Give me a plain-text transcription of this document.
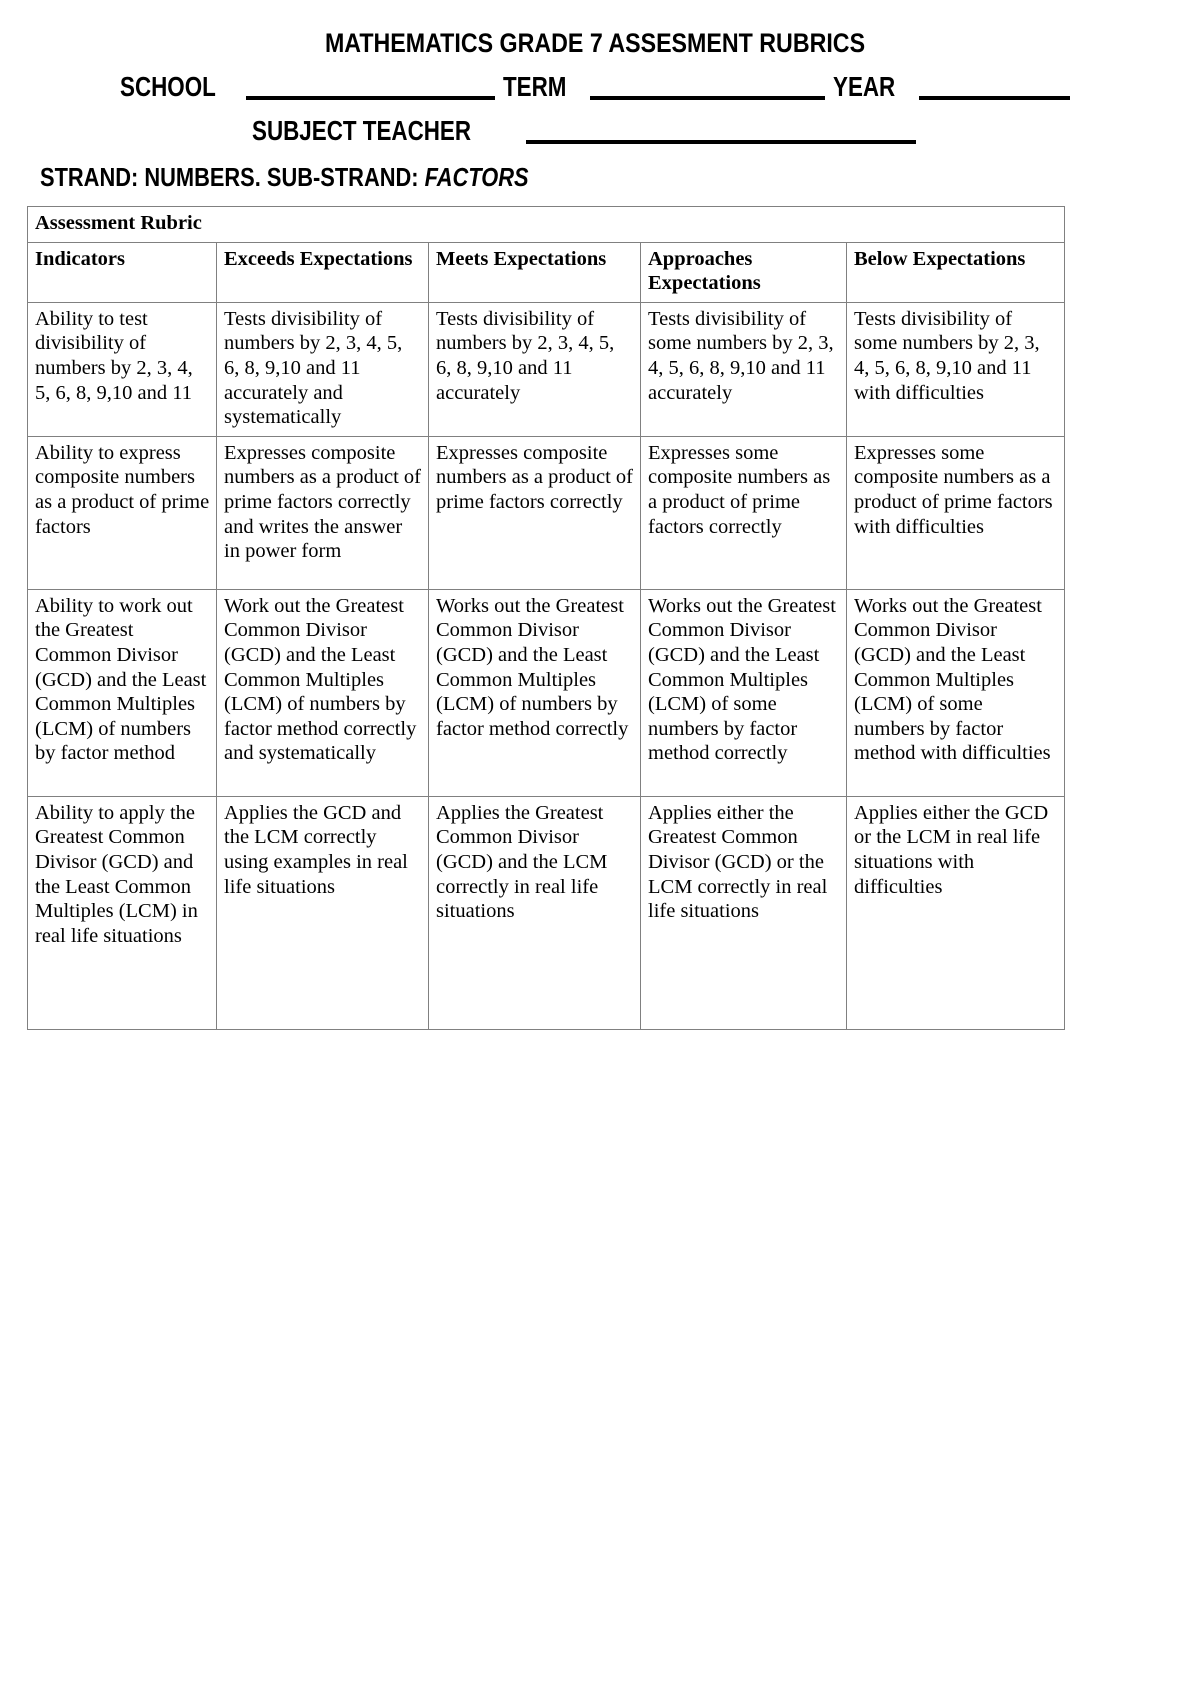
MATHEMATICS GRADE 7 ASSESMENT RUBRICS
SCHOOL	TERM	YEAR
SUBJECT TEACHER
STRAND: NUMBERS. SUB-STRAND: FACTORS
Assessment Rubric				
Indicators	Exceeds Expectations	Meets Expectations	Approaches Expectations	Below Expectations
Ability to test divisibility of numbers by 2, 3, 4, 5, 6, 8, 9,10 and 11	Tests divisibility of numbers by 2, 3, 4, 5, 6, 8, 9,10 and 11 accurately and systematically	Tests divisibility of numbers by 2, 3, 4, 5, 6, 8, 9,10 and 11 accurately	Tests divisibility of some numbers by 2, 3, 4, 5, 6, 8, 9,10 and 11 accurately	Tests divisibility of some numbers by 2, 3, 4, 5, 6, 8, 9,10 and 11 with difficulties
Ability to express composite numbers as a product of prime factors	Expresses composite numbers as a product of prime factors correctly and writes the answer in power form	Expresses composite numbers as a product of prime factors correctly	Expresses some composite numbers as a product of prime factors correctly	Expresses some composite numbers as a product of prime factors with difficulties
Ability to work out the Greatest Common Divisor (GCD) and the Least Common Multiples (LCM) of numbers by factor method	Work out the Greatest Common Divisor (GCD) and the Least Common Multiples (LCM) of numbers by factor method correctly and systematically	Works out the Greatest Common Divisor (GCD) and the Least Common Multiples (LCM) of numbers by factor method correctly	Works out the Greatest Common Divisor (GCD) and the Least Common Multiples (LCM) of some numbers by factor method correctly	Works out the Greatest Common Divisor (GCD) and the Least Common Multiples (LCM) of some numbers by factor method with difficulties
Ability to apply the Greatest Common Divisor (GCD) and the Least Common Multiples (LCM) in real life situations	Applies the GCD and the LCM correctly using examples in real life situations	Applies the Greatest Common Divisor (GCD) and the LCM correctly in real life situations	Applies either the Greatest Common Divisor (GCD) or the LCM correctly in real life situations	Applies either the GCD or the LCM in real life situations with difficulties
